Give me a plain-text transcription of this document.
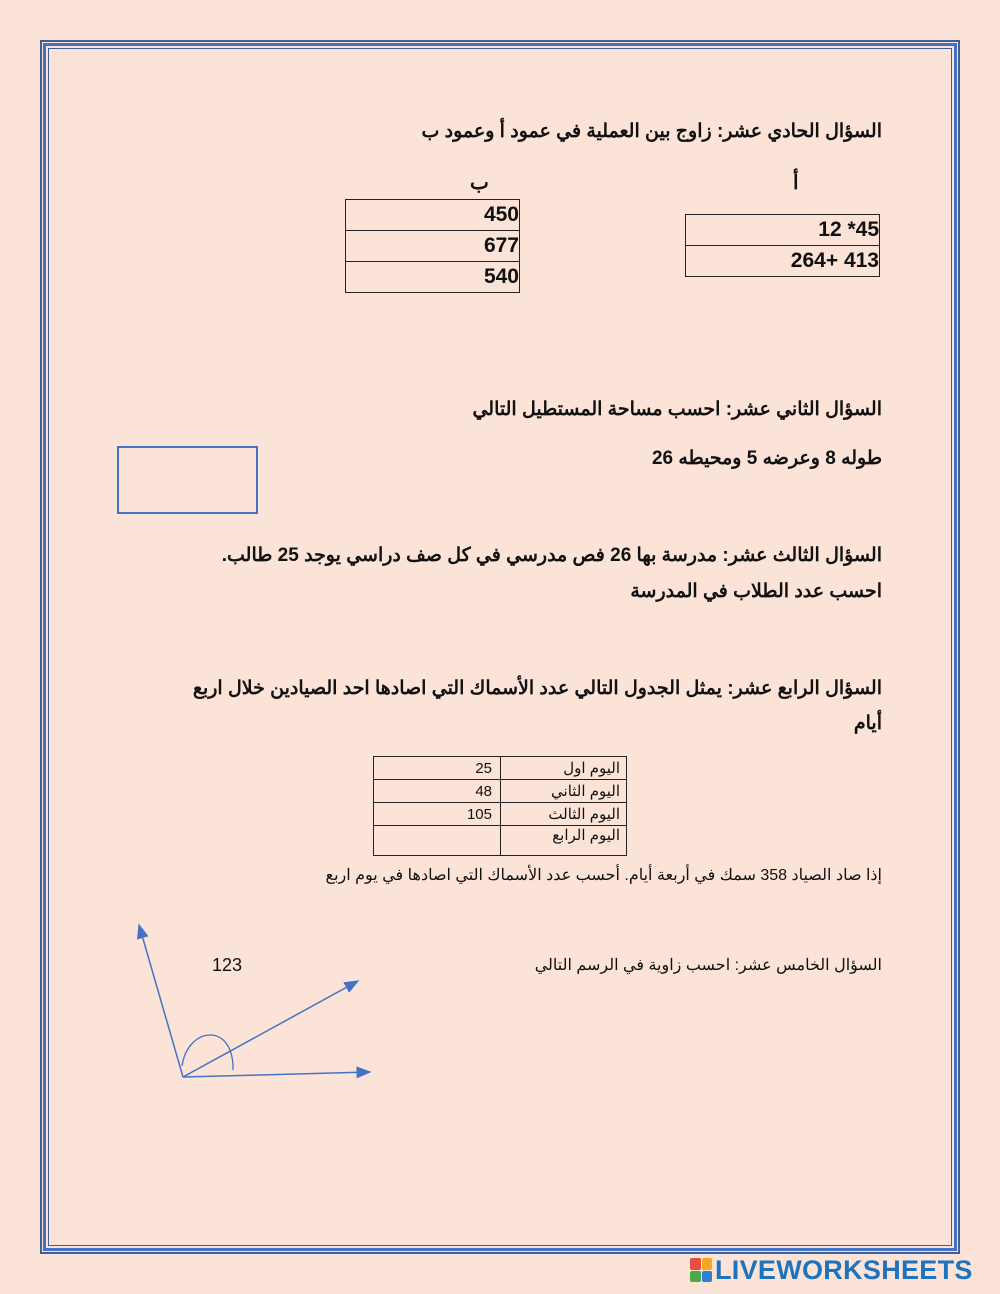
السؤال الحادي عشر: زاوج بين العملية في عمود أ وعمود ب
ب	أ
450
677
540
45* 12
413 +264
السؤال الثاني عشر: احسب مساحة المستطيل التالي
طوله 8 وعرضه 5 ومحيطه 26
السؤال الثالث عشر: مدرسة بها 26 فص مدرسي في كل صف دراسي يوجد 25 طالب.
احسب عدد الطلاب في المدرسة
السؤال الرابع عشر: يمثل الجدول التالي عدد الأسماك التي اصادها احد الصيادين خلال اربع
أيام
25	اليوم اول
48	اليوم الثاني
105	اليوم الثالث
	اليوم الرابع
إذا صاد الصياد 358 سمك في أربعة أيام. أحسب عدد الأسماك التي اصادها في يوم اربع
السؤال الخامس عشر: احسب زاوية في الرسم التالي
123
LIVEWORKSHEETS
